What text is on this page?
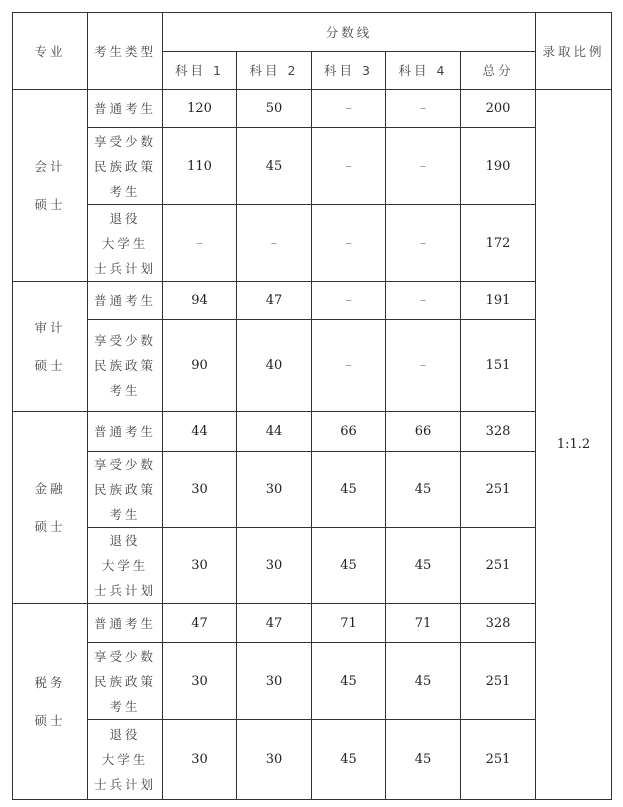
专业	考生类型	分数线					录取比例
		科目 1	科目 2	科目 3	科目 4	总分	

会计
硕士	普通考生	120	50	–	–	200	1:1.2

	享受少数
民族政策
考生	110	45	–	–	190	

	退役
大学生
士兵计划	–	–	–	–	172	

审计
硕士	普通考生	94	47	–	–	191	

	享受少数
民族政策
考生	90	40	–	–	151	

金融
硕士	普通考生	44	44	66	66	328	

	享受少数
民族政策
考生	30	30	45	45	251	

	退役
大学生
士兵计划	30	30	45	45	251	

税务
硕士	普通考生	47	47	71	71	328	

	享受少数
民族政策
考生	30	30	45	45	251	

	退役
大学生
士兵计划	30	30	45	45	251	
